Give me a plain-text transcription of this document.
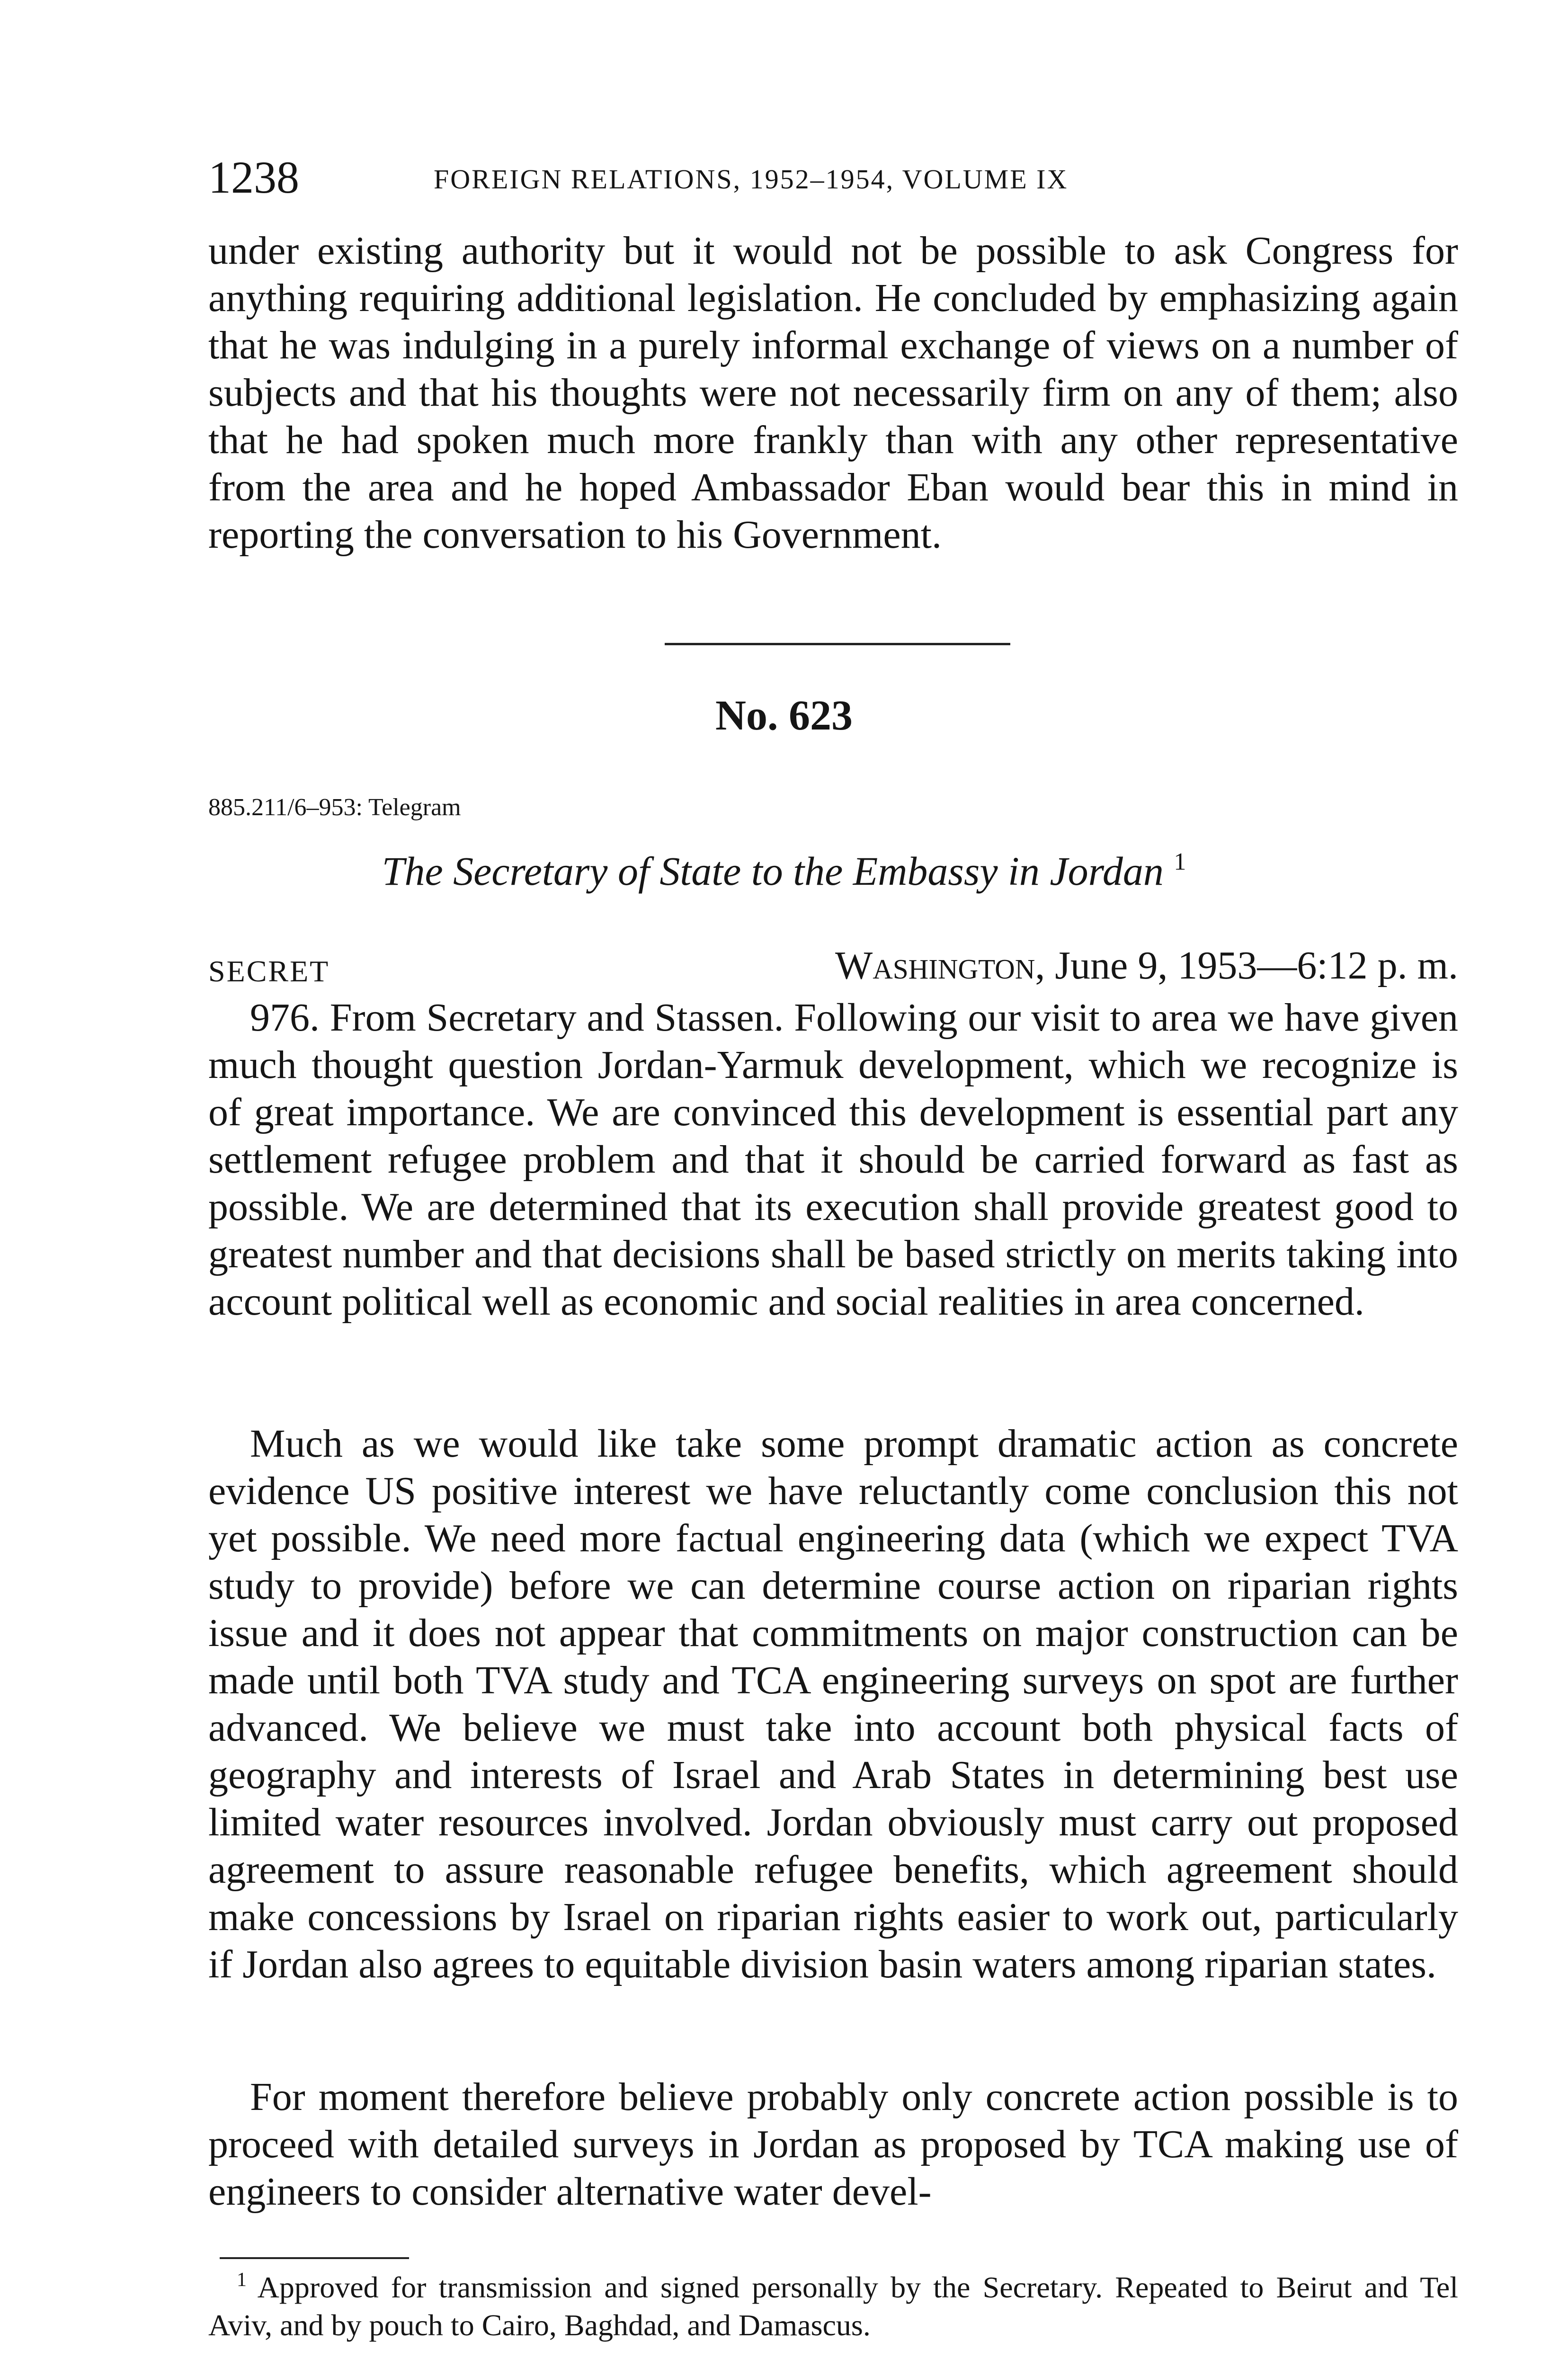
1238	FOREIGN RELATIONS, 1952–1954, VOLUME IX

under existing authority but it would not be possible to ask Congress for anything requiring additional legislation. He concluded by emphasizing again that he was indulging in a purely informal exchange of views on a number of subjects and that his thoughts were not necessarily firm on any of them; also that he had spoken much more frankly than with any other representative from the area and he hoped Ambassador Eban would bear this in mind in reporting the conversation to his Government.

No. 623
885.211/6–953: Telegram
The Secretary of State to the Embassy in Jordan $^1$
SECRET	Washington, June 9, 1953—6:12 p. m.

976. From Secretary and Stassen. Following our visit to area we have given much thought question Jordan-Yarmuk development, which we recognize is of great importance. We are convinced this development is essential part any settlement refugee problem and that it should be carried forward as fast as possible. We are determined that its execution shall provide greatest good to greatest number and that decisions shall be based strictly on merits taking into account political well as economic and social realities in area concerned.

Much as we would like take some prompt dramatic action as concrete evidence US positive interest we have reluctantly come conclusion this not yet possible. We need more factual engineering data (which we expect TVA study to provide) before we can determine course action on riparian rights issue and it does not appear that commitments on major construction can be made until both TVA study and TCA engineering surveys on spot are further advanced. We believe we must take into account both physical facts of geography and interests of Israel and Arab States in determining best use limited water resources involved. Jordan obviously must carry out proposed agreement to assure reasonable refugee benefits, which agreement should make concessions by Israel on riparian rights easier to work out, particularly if Jordan also agrees to equitable division basin waters among riparian states.

For moment therefore believe probably only concrete action possible is to proceed with detailed surveys in Jordan as proposed by TCA making use of engineers to consider alternative water devel-

$^1$ Approved for transmission and signed personally by the Secretary. Repeated to Beirut and Tel Aviv, and by pouch to Cairo, Baghdad, and Damascus.
